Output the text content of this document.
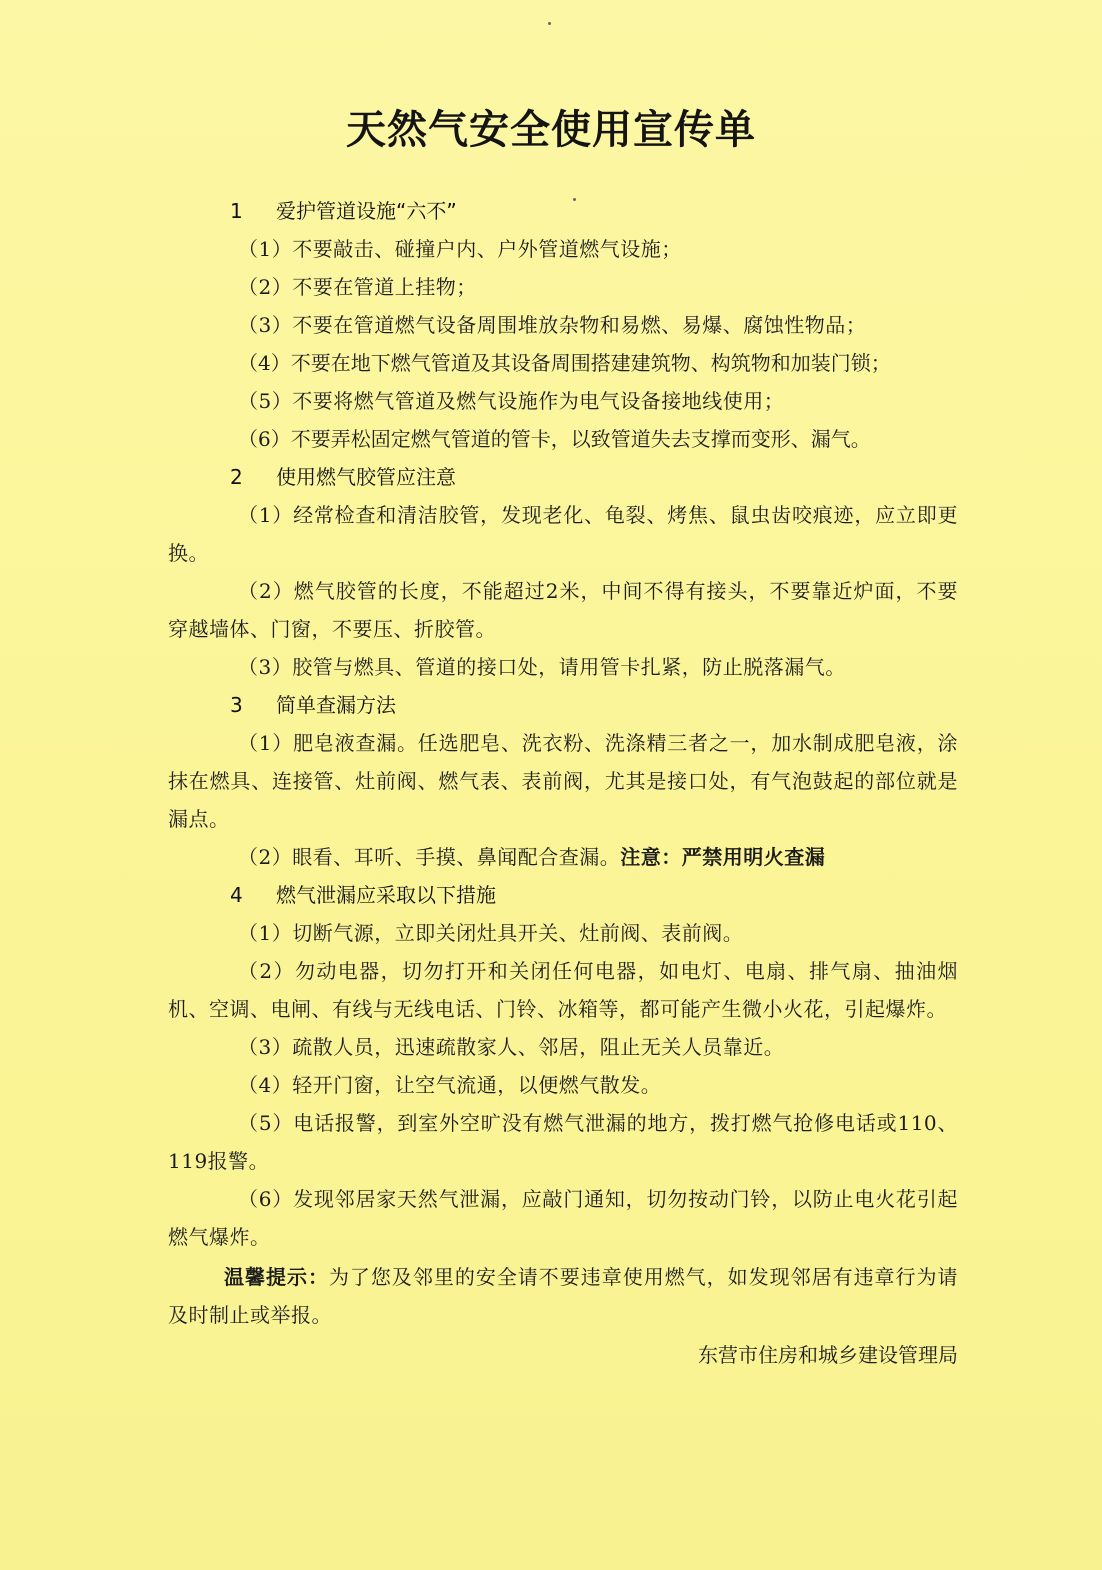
天然气安全使用宣传单
1 爱护管道设施“六不”
（1）不要敲击、碰撞户内、户外管道燃气设施；
（2）不要在管道上挂物；
（3）不要在管道燃气设备周围堆放杂物和易燃、易爆、腐蚀性物品；
（4）不要在地下燃气管道及其设备周围搭建建筑物、构筑物和加装门锁；
（5）不要将燃气管道及燃气设施作为电气设备接地线使用；
（6）不要弄松固定燃气管道的管卡，以致管道失去支撑而变形、漏气。
2 使用燃气胶管应注意
（1）经常检查和清洁胶管，发现老化、龟裂、烤焦、鼠虫齿咬痕迹，应立即更换。
（2）燃气胶管的长度，不能超过2米，中间不得有接头，不要靠近炉面，不要穿越墙体、门窗，不要压、折胶管。
（3）胶管与燃具、管道的接口处，请用管卡扎紧，防止脱落漏气。
3 简单查漏方法
（1）肥皂液查漏。任选肥皂、洗衣粉、洗涤精三者之一，加水制成肥皂液，涂抹在燃具、连接管、灶前阀、燃气表、表前阀，尤其是接口处，有气泡鼓起的部位就是漏点。
（2）眼看、耳听、手摸、鼻闻配合查漏。注意：严禁用明火查漏
4 燃气泄漏应采取以下措施
（1）切断气源，立即关闭灶具开关、灶前阀、表前阀。
（2）勿动电器，切勿打开和关闭任何电器，如电灯、电扇、排气扇、抽油烟机、空调、电闸、有线与无线电话、门铃、冰箱等，都可能产生微小火花，引起爆炸。
（3）疏散人员，迅速疏散家人、邻居，阻止无关人员靠近。
（4）轻开门窗，让空气流通，以便燃气散发。
（5）电话报警，到室外空旷没有燃气泄漏的地方，拨打燃气抢修电话或110、119报警。
（6）发现邻居家天然气泄漏，应敲门通知，切勿按动门铃，以防止电火花引起燃气爆炸。
温馨提示：为了您及邻里的安全请不要违章使用燃气，如发现邻居有违章行为请及时制止或举报。
东营市住房和城乡建设管理局
